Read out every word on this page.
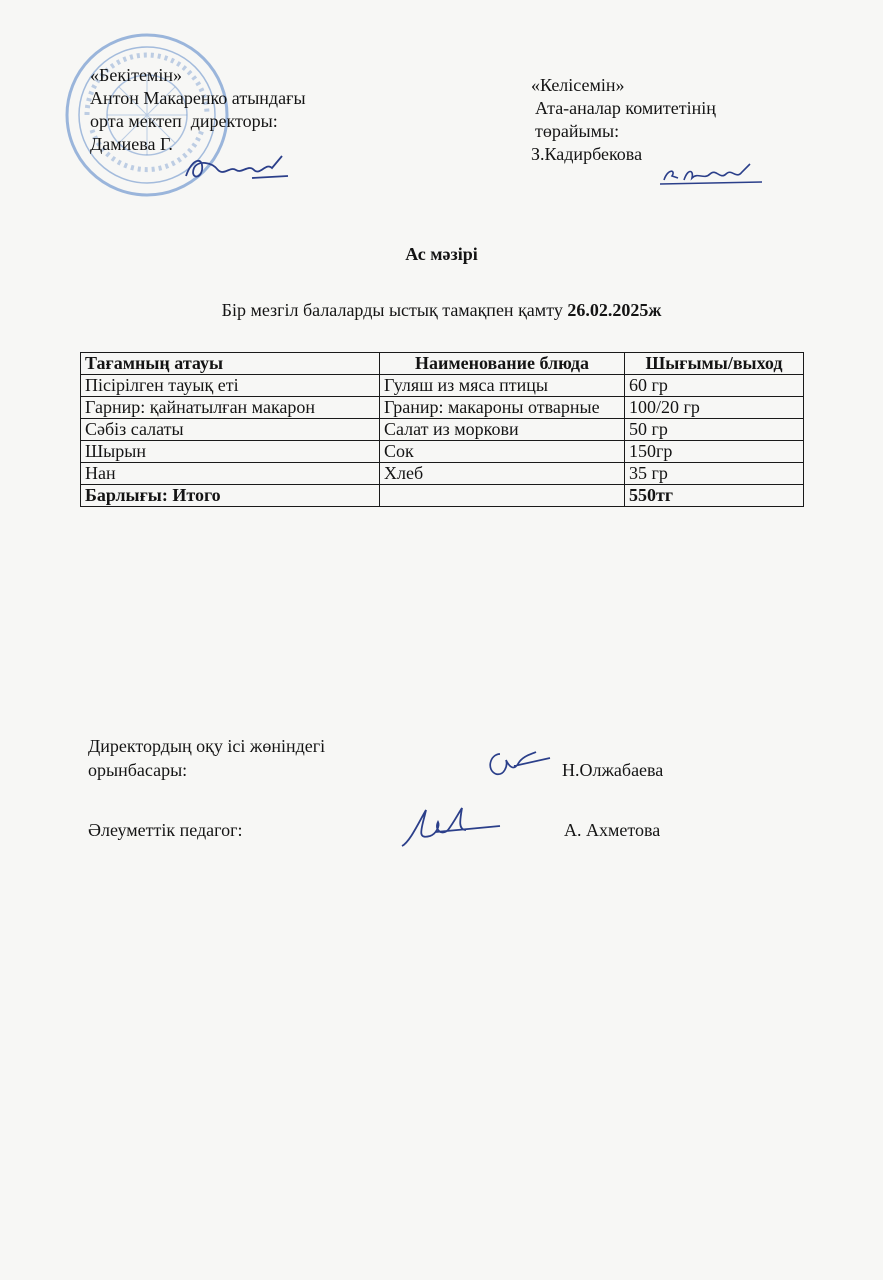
«Бекітемін»
Антон Макаренко атындағы
орта мектеп  директоры:
Дамиева Г.
«Келісемін»
Ата-аналар комитетінің
төрайымы:
З.Кадирбекова
Ас мәзірі
Бір мезгіл балаларды ыстық тамақпен қамту 26.02.2025ж
Тағамның атауы	Наименование блюда	Шығымы/выход
Пісірілген тауық еті	Гуляш из мяса птицы	60 гр
Гарнир: қайнатылған макарон	Гранир: макароны отварные	100/20 гр
Сәбіз салаты	Салат из моркови	50 гр
Шырын	Сок	150гр
Нан	Хлеб	35 гр
Барлығы: Итого		550тг
Директордың оқу ісі жөніндегі
орынбасары:	Н.Олжабаева
Әлеуметтік педагог:	А. Ахметова
